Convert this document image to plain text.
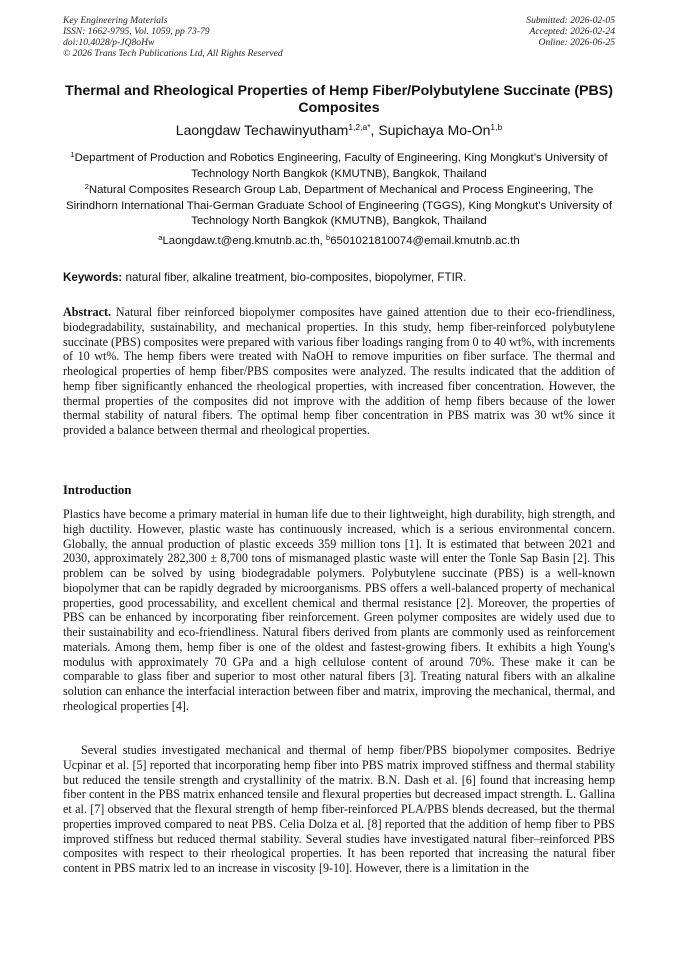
Key Engineering Materials
ISSN: 1662-9795, Vol. 1059, pp 73-79
doi:10.4028/p-JQ8oHw
© 2026 Trans Tech Publications Ltd, All Rights Reserved
Submitted: 2026-02-05
Accepted: 2026-02-24
Online: 2026-06-25
Thermal and Rheological Properties of Hemp Fiber/Polybutylene Succinate (PBS) Composites
Laongdaw Techawinyutham$^{1,2,a*}$, Supichaya Mo-On$^{1,b}$
$^1$Department of Production and Robotics Engineering, Faculty of Engineering, King Mongkut’s University of Technology North Bangkok (KMUTNB), Bangkok, Thailand
$^2$Natural Composites Research Group Lab, Department of Mechanical and Process Engineering, The Sirindhorn International Thai-German Graduate School of Engineering (TGGS), King Mongkut’s University of Technology North Bangkok (KMUTNB), Bangkok, Thailand
$^a$Laongdaw.t@eng.kmutnb.ac.th, $^b$6501021810074@email.kmutnb.ac.th
Keywords: natural fiber, alkaline treatment, bio-composites, biopolymer, FTIR.
Abstract. Natural fiber reinforced biopolymer composites have gained attention due to their eco-friendliness, biodegradability, sustainability, and mechanical properties. In this study, hemp fiber-reinforced polybutylene succinate (PBS) composites were prepared with various fiber loadings ranging from 0 to 40 wt%, with increments of 10 wt%. The hemp fibers were treated with NaOH to remove impurities on fiber surface. The thermal and rheological properties of hemp fiber/PBS composites were analyzed. The results indicated that the addition of hemp fiber significantly enhanced the rheological properties, with increased fiber concentration. However, the thermal properties of the composites did not improve with the addition of hemp fibers because of the lower thermal stability of natural fibers. The optimal hemp fiber concentration in PBS matrix was 30 wt% since it provided a balance between thermal and rheological properties.
Introduction
Plastics have become a primary material in human life due to their lightweight, high durability, high strength, and high ductility. However, plastic waste has continuously increased, which is a serious environmental concern. Globally, the annual production of plastic exceeds 359 million tons [1]. It is estimated that between 2021 and 2030, approximately 282,300 ± 8,700 tons of mismanaged plastic waste will enter the Tonle Sap Basin [2]. This problem can be solved by using biodegradable polymers. Polybutylene succinate (PBS) is a well-known biopolymer that can be rapidly degraded by microorganisms. PBS offers a well-balanced property of mechanical properties, good processability, and excellent chemical and thermal resistance [2]. Moreover, the properties of PBS can be enhanced by incorporating fiber reinforcement. Green polymer composites are widely used due to their sustainability and eco-friendliness. Natural fibers derived from plants are commonly used as reinforcement materials. Among them, hemp fiber is one of the oldest and fastest-growing fibers. It exhibits a high Young's modulus with approximately 70 GPa and a high cellulose content of around 70%. These make it can be comparable to glass fiber and superior to most other natural fibers [3]. Treating natural fibers with an alkaline solution can enhance the interfacial interaction between fiber and matrix, improving the mechanical, thermal, and rheological properties [4].
Several studies investigated mechanical and thermal of hemp fiber/PBS biopolymer composites. Bedriye Ucpinar et al. [5] reported that incorporating hemp fiber into PBS matrix improved stiffness and thermal stability but reduced the tensile strength and crystallinity of the matrix. B.N. Dash et al. [6] found that increasing hemp fiber content in the PBS matrix enhanced tensile and flexural properties but decreased impact strength. L. Gallina et al. [7] observed that the flexural strength of hemp fiber-reinforced PLA/PBS blends decreased, but the thermal properties improved compared to neat PBS. Celia Dolza et al. [8] reported that the addition of hemp fiber to PBS improved stiffness but reduced thermal stability. Several studies have investigated natural fiber–reinforced PBS composites with respect to their rheological properties. It has been reported that increasing the natural fiber content in PBS matrix led to an increase in viscosity [9-10]. However, there is a limitation in the
